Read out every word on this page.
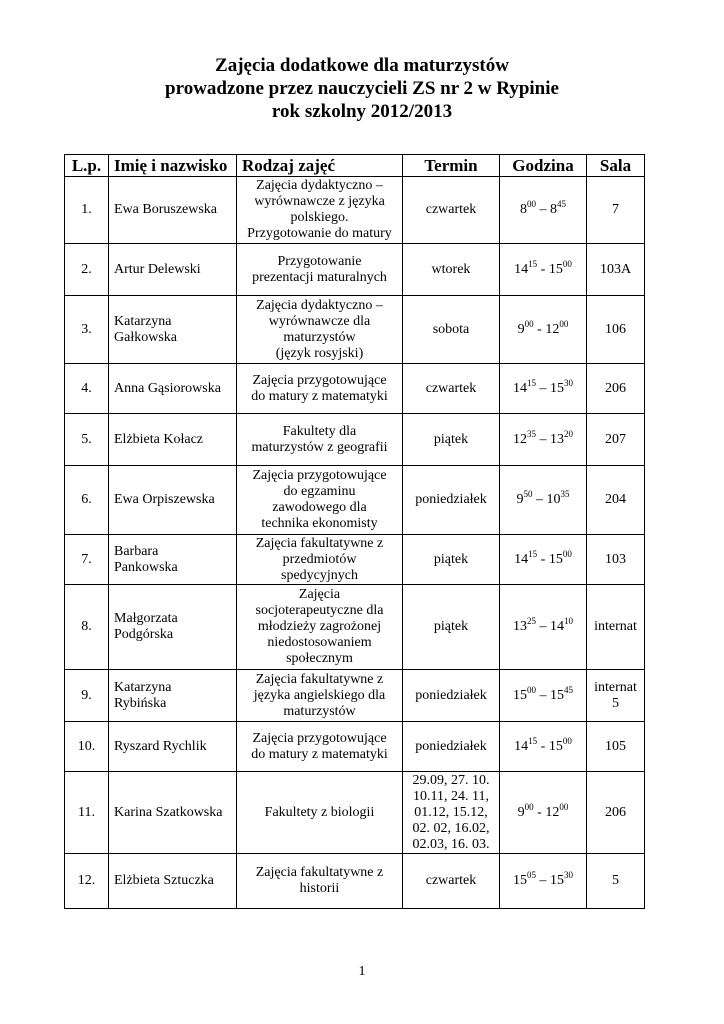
Zajęcia dodatkowe dla maturzystów
prowadzone przez nauczycieli ZS nr 2 w Rypinie
rok szkolny 2012/2013
L.p.	Imię i nazwisko	Rodzaj zajęć	Termin	Godzina	Sala
1.	Ewa Boruszewska	Zajęcia dydaktyczno –
wyrównawcze z języka
polskiego.
Przygotowanie do matury	czwartek	$8^{00} - 8^{45}$	7

2.	Artur Delewski	Przygotowanie
prezentacji maturalnych	wtorek	$14^{15} - 15^{00}$	103A

3.	Katarzyna
Gałkowska	Zajęcia dydaktyczno –
wyrównawcze dla
maturzystów
(język rosyjski)	sobota	$9^{00} - 12^{00}$	106

4.	Anna Gąsiorowska	Zajęcia przygotowujące
do matury z matematyki	czwartek	$14^{15} - 15^{30}$	206

5.	Elżbieta Kołacz	Fakultety dla
maturzystów z geografii	piątek	$12^{35} - 13^{20}$	207

6.	Ewa Orpiszewska	Zajęcia przygotowujące
do egzaminu
zawodowego dla
technika ekonomisty	poniedziałek	$9^{50} - 10^{35}$	204

7.	Barbara
Pankowska	Zajęcia fakultatywne z
przedmiotów
spedycyjnych	piątek	$14^{15} - 15^{00}$	103

8.	Małgorzata
Podgórska	Zajęcia
socjoterapeutyczne dla
młodzieży zagrożonej
niedostosowaniem
społecznym	piątek	$13^{25} - 14^{10}$	internat

9.	Katarzyna
Rybińska	Zajęcia fakultatywne z
języka angielskiego dla
maturzystów	poniedziałek	$15^{00} - 15^{45}$	internat
5

10.	Ryszard Rychlik	Zajęcia przygotowujące
do matury z matematyki	poniedziałek	$14^{15} - 15^{00}$	105

11.	Karina Szatkowska	Fakultety z biologii	29.09, 27. 10.
10.11, 24. 11,
01.12, 15.12,
02. 02, 16.02,
02.03, 16. 03.	$9^{00} - 12^{00}$	206

12.	Elżbieta Sztuczka	Zajęcia fakultatywne z
historii	czwartek	$15^{05} - 15^{30}$	5
1
